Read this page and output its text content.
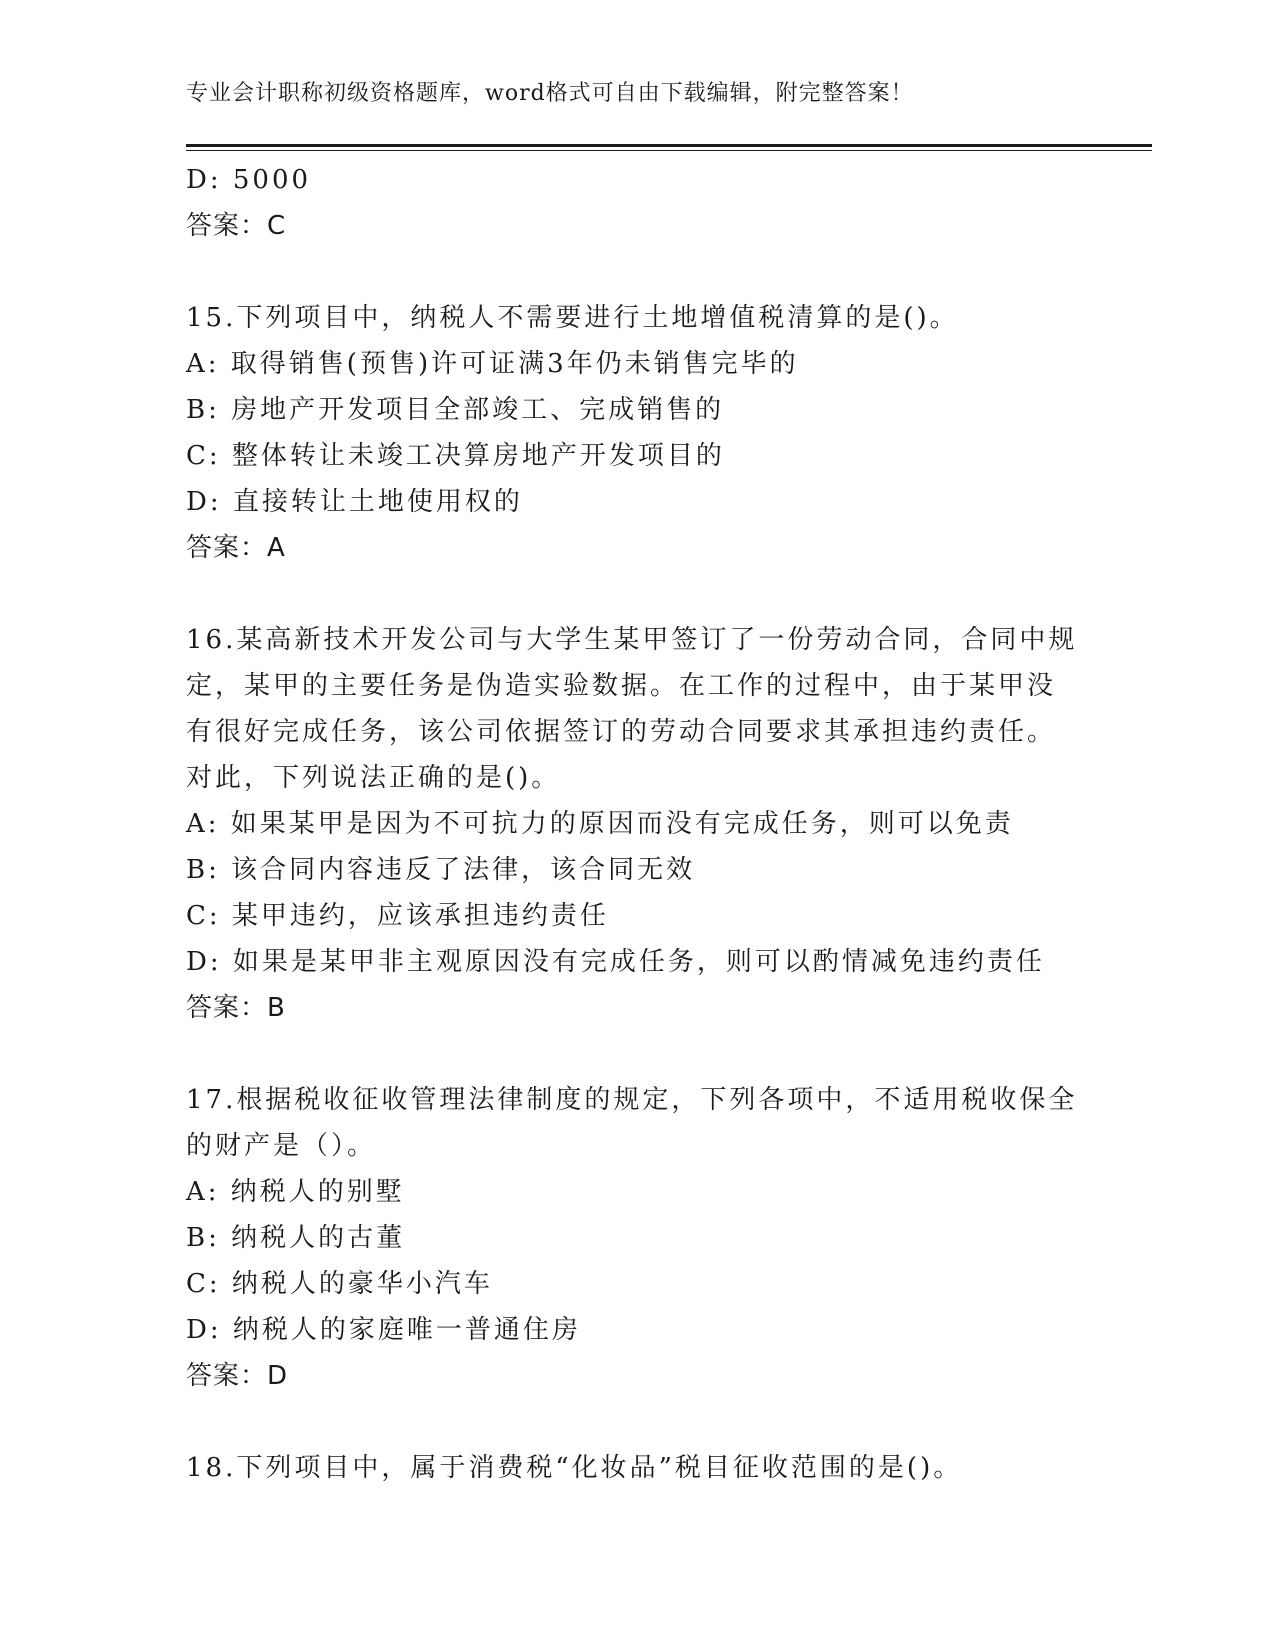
专业会计职称初级资格题库，word格式可自由下载编辑，附完整答案！
D: 5000
答案：C
15.下列项目中，纳税人不需要进行土地增值税清算的是()。
A: 取得销售(预售)许可证满3年仍未销售完毕的
B: 房地产开发项目全部竣工、完成销售的
C: 整体转让未竣工决算房地产开发项目的
D: 直接转让土地使用权的
答案：A
16.某高新技术开发公司与大学生某甲签订了一份劳动合同，合同中规
定，某甲的主要任务是伪造实验数据。在工作的过程中，由于某甲没
有很好完成任务，该公司依据签订的劳动合同要求其承担违约责任。
对此，下列说法正确的是()。
A: 如果某甲是因为不可抗力的原因而没有完成任务，则可以免责
B: 该合同内容违反了法律，该合同无效
C: 某甲违约，应该承担违约责任
D: 如果是某甲非主观原因没有完成任务，则可以酌情减免违约责任
答案：B
17.根据税收征收管理法律制度的规定，下列各项中，不适用税收保全
的财产是（）。
A: 纳税人的别墅
B: 纳税人的古董
C: 纳税人的豪华小汽车
D: 纳税人的家庭唯一普通住房
答案：D
18.下列项目中，属于消费税“化妆品”税目征收范围的是()。
